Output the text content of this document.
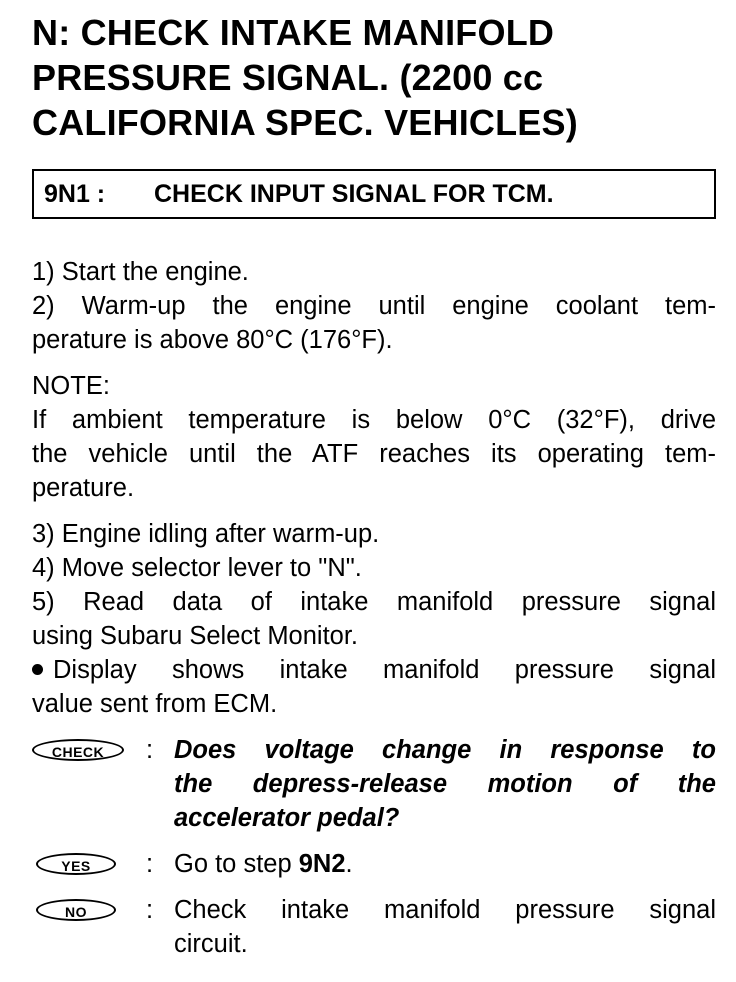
N: CHECK INTAKE MANIFOLD
PRESSURE SIGNAL. (2200 cc
CALIFORNIA SPEC. VEHICLES)
9N1 :	CHECK INPUT SIGNAL FOR TCM.
1) Start the engine.
2) Warm-up the engine until engine coolant tem-
perature is above 80°C (176°F).
NOTE:
If ambient temperature is below 0°C (32°F), drive
the vehicle until the ATF reaches its operating tem-
perature.
3) Engine idling after warm-up.
4) Move selector lever to "N".
5) Read data of intake manifold pressure signal
using Subaru Select Monitor.
Display shows intake manifold pressure signal
value sent from ECM.
CHECK	: Does voltage change in response to
the depress-release motion of the
accelerator pedal?
YES	: Go to step 9N2.
NO	: Check intake manifold pressure signal
circuit.
